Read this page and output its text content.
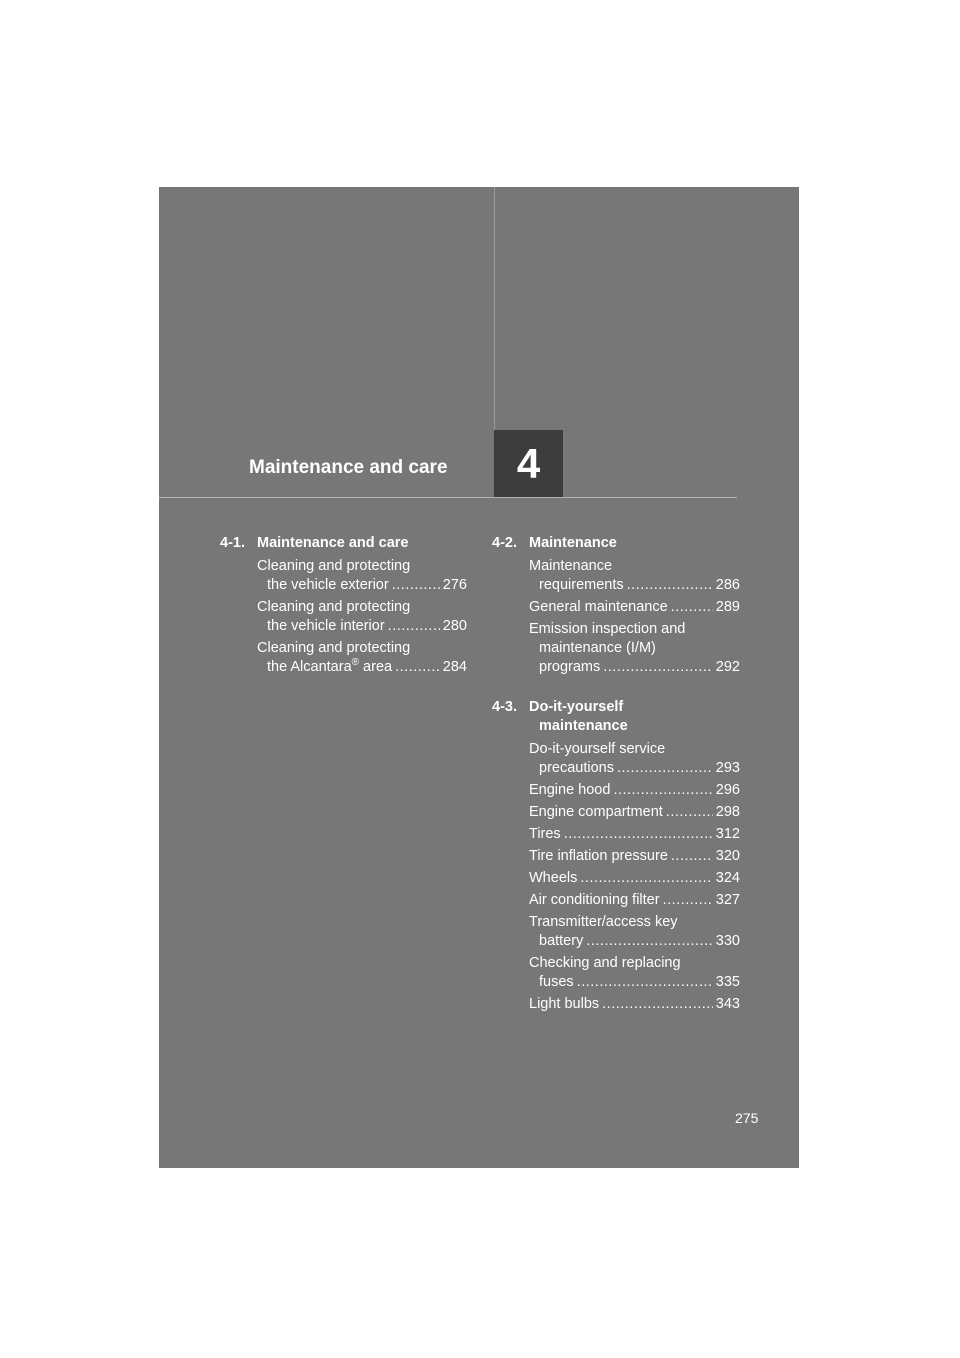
Maintenance and care 4
4-1. Maintenance and care
Cleaning and protecting
the vehicle exterior .....	276
Cleaning and protecting
the vehicle interior .....	280
Cleaning and protecting
the Alcantara® area .....	284
4-2. Maintenance
Maintenance
requirements .....	286
General maintenance .....	289
Emission inspection and
maintenance (I/M)
programs .....	292
4-3. Do-it-yourself
maintenance
Do-it-yourself service
precautions .....	293
Engine hood .....	296
Engine compartment .....	298
Tires .....	312
Tire inflation pressure .....	320
Wheels .....	324
Air conditioning filter .....	327
Transmitter/access key
battery .....	330
Checking and replacing
fuses .....	335
Light bulbs .....	343
275
